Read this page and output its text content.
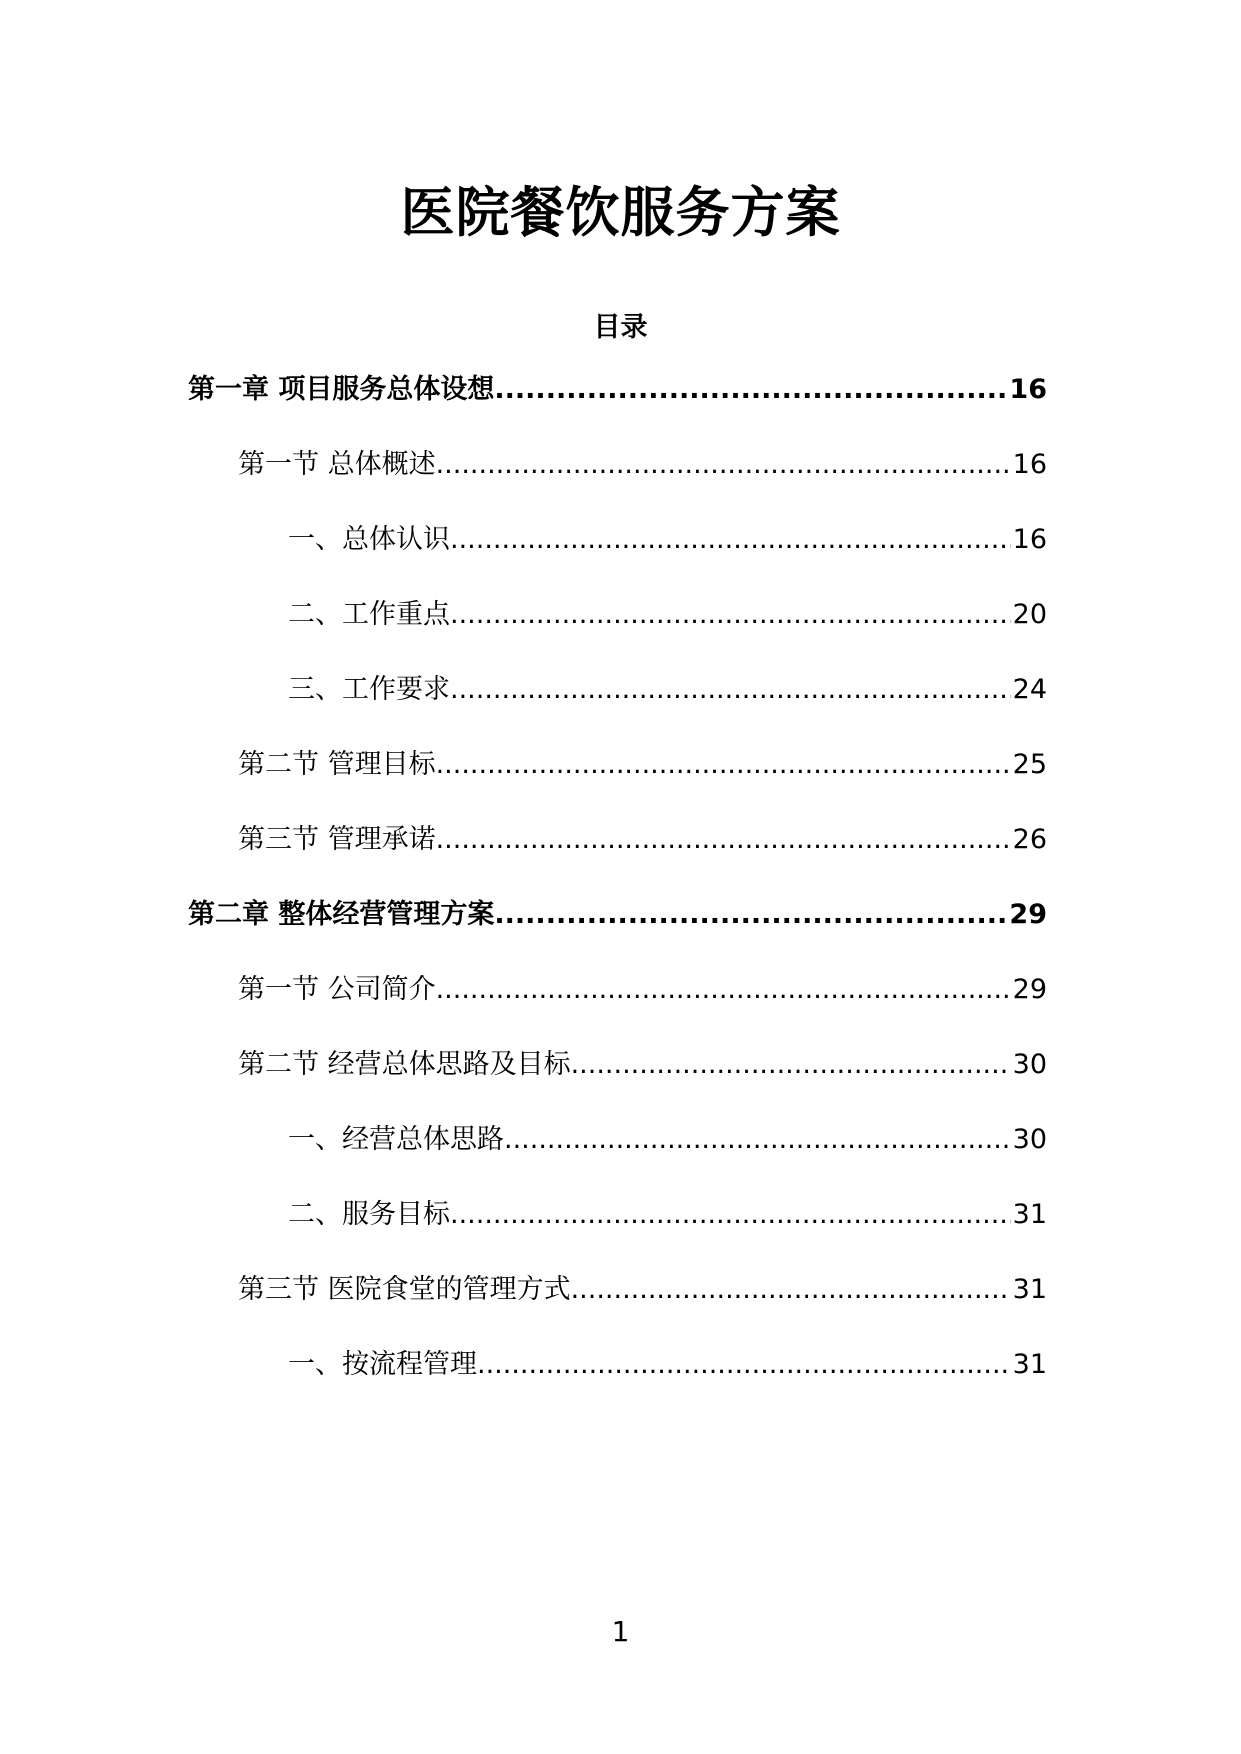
医院餐饮服务方案
目录
第一章 项目服务总体设想 .....	16
第一节 总体概述 .....	16
一、总体认识 .....	16
二、工作重点 .....	20
三、工作要求 .....	24
第二节 管理目标 .....	25
第三节 管理承诺 .....	26
第二章 整体经营管理方案 .....	29
第一节 公司简介 .....	29
第二节 经营总体思路及目标 .....	30
一、经营总体思路 .....	30
二、服务目标 .....	31
第三节 医院食堂的管理方式 .....	31
一、按流程管理 .....	31
1
